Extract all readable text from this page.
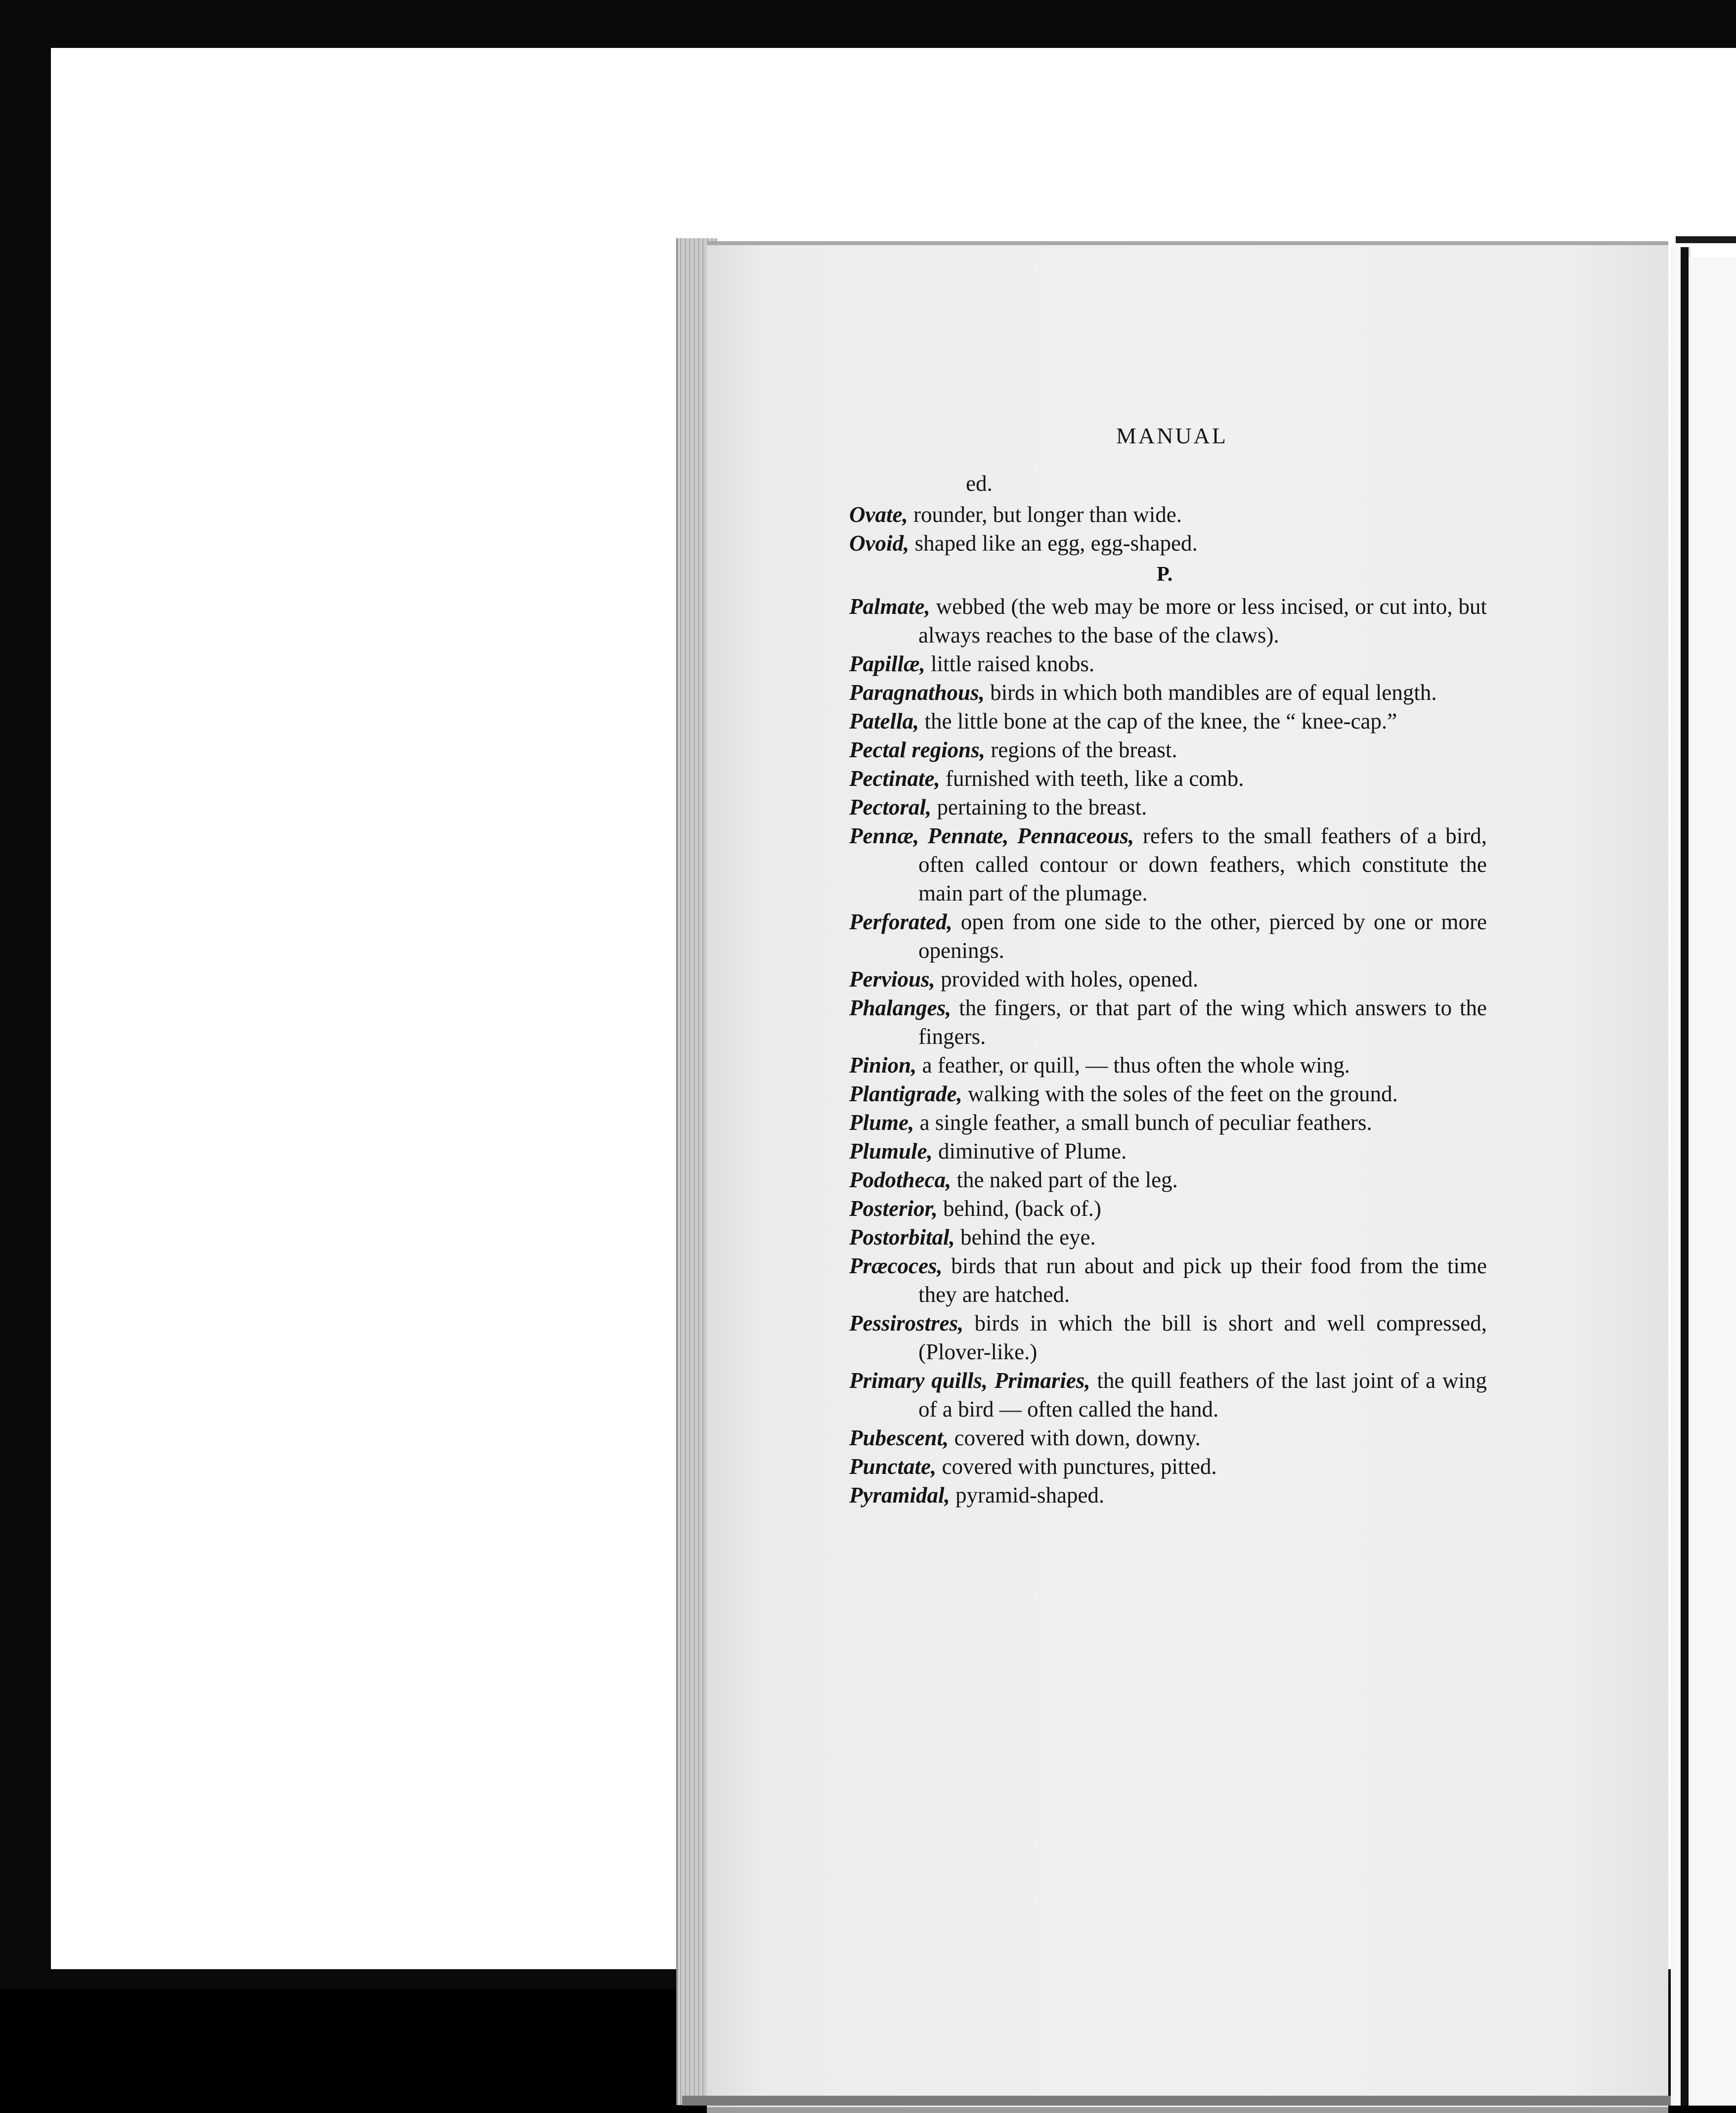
MANUAL
ed.

Ovate, rounder, but longer than wide.

Ovoid, shaped like an egg, egg-shaped.

P.

Palmate, webbed (the web may be more or less incised, or cut into, but always reaches to the base of the claws).

Papillæ, little raised knobs.

Paragnathous, birds in which both mandibles are of equal length.

Patella, the little bone at the cap of the knee, the “ knee-cap.”

Pectal regions, regions of the breast.

Pectinate, furnished with teeth, like a comb.

Pectoral, pertaining to the breast.

Pennæ, Pennate, Pennaceous, refers to the small feathers of a bird, often called contour or down feathers, which constitute the main part of the plumage.

Perforated, open from one side to the other, pierced by one or more openings.

Pervious, provided with holes, opened.

Phalanges, the fingers, or that part of the wing which answers to the fingers.

Pinion, a feather, or quill, — thus often the whole wing.

Plantigrade, walking with the soles of the feet on the ground.

Plume, a single feather, a small bunch of peculiar feathers.

Plumule, diminutive of Plume.

Podotheca, the naked part of the leg.

Posterior, behind, (back of.)

Postorbital, behind the eye.

Præcoces, birds that run about and pick up their food from the time they are hatched.

Pessirostres, birds in which the bill is short and well compressed, (Plover-like.)

Primary quills, Primaries, the quill feathers of the last joint of a wing of a bird — often called the hand.

Pubescent, covered with down, downy.

Punctate, covered with punctures, pitted.

Pyramidal, pyramid-shaped.
